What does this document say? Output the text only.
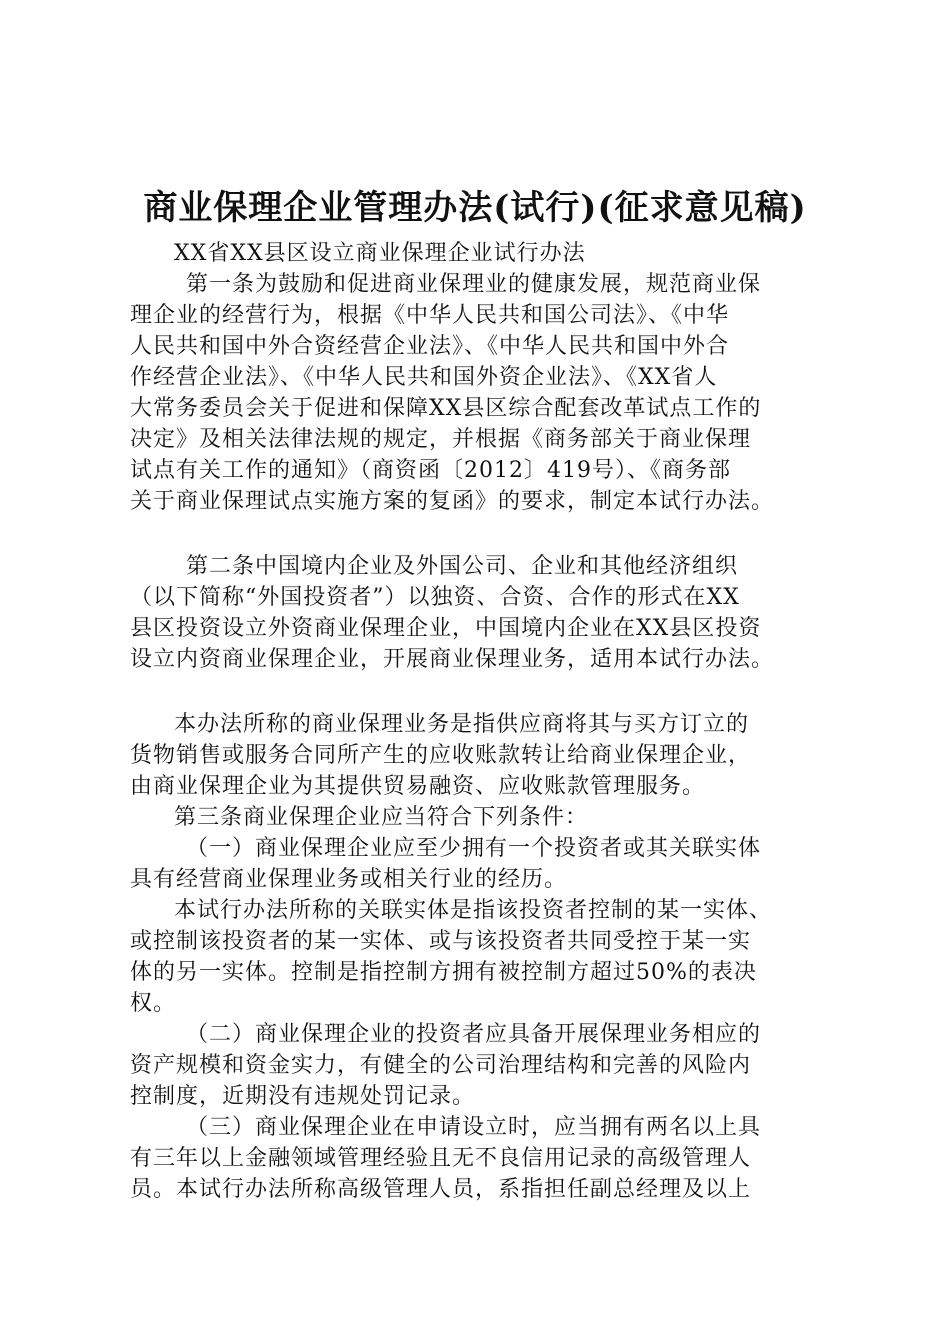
商业保理企业管理办法(试行)(征求意见稿)
XX省XX县区设立商业保理企业试行办法
第一条为鼓励和促进商业保理业的健康发展，规范商业保
理企业的经营行为，根据《中华人民共和国公司法》、《中华
人民共和国中外合资经营企业法》、《中华人民共和国中外合
作经营企业法》、《中华人民共和国外资企业法》、《XX省人
大常务委员会关于促进和保障XX县区综合配套改革试点工作的
决定》及相关法律法规的规定，并根据《商务部关于商业保理
试点有关工作的通知》（商资函〔2012〕419号）、《商务部
关于商业保理试点实施方案的复函》的要求，制定本试行办法。
第二条中国境内企业及外国公司、企业和其他经济组织
（以下简称“外国投资者”）以独资、合资、合作的形式在XX
县区投资设立外资商业保理企业，中国境内企业在XX县区投资
设立内资商业保理企业，开展商业保理业务，适用本试行办法。
本办法所称的商业保理业务是指供应商将其与买方订立的
货物销售或服务合同所产生的应收账款转让给商业保理企业，
由商业保理企业为其提供贸易融资、应收账款管理服务。
第三条商业保理企业应当符合下列条件：
（一）商业保理企业应至少拥有一个投资者或其关联实体
具有经营商业保理业务或相关行业的经历。
本试行办法所称的关联实体是指该投资者控制的某一实体、
或控制该投资者的某一实体、或与该投资者共同受控于某一实
体的另一实体。控制是指控制方拥有被控制方超过50%的表决
权。
（二）商业保理企业的投资者应具备开展保理业务相应的
资产规模和资金实力，有健全的公司治理结构和完善的风险内
控制度，近期没有违规处罚记录。
（三）商业保理企业在申请设立时，应当拥有两名以上具
有三年以上金融领域管理经验且无不良信用记录的高级管理人
员。本试行办法所称高级管理人员，系指担任副总经理及以上
